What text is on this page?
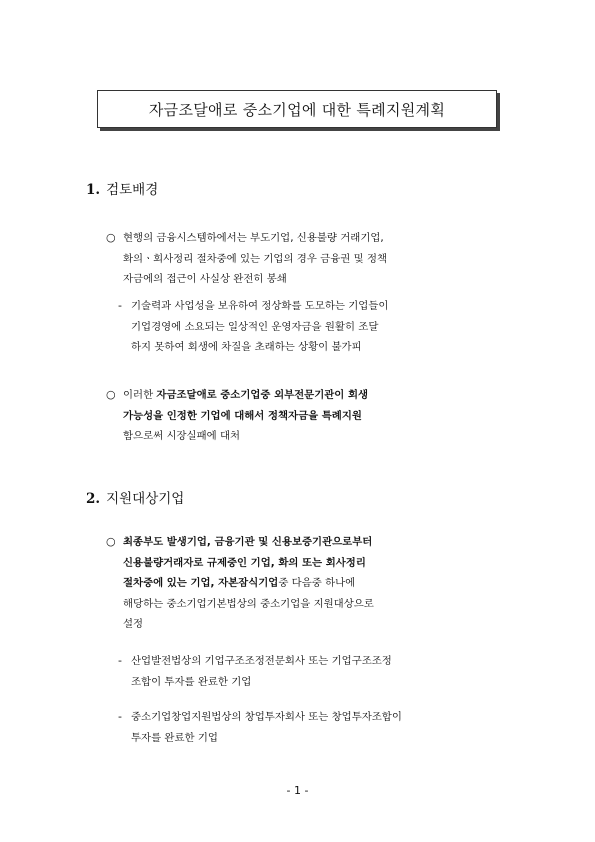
자금조달애로 중소기업에 대한 특례지원계획
1. 검토배경
○ 현행의 금융시스템하에서는 부도기업, 신용불량 거래기업,
화의ㆍ회사정리 절차중에 있는 기업의 경우 금융권 및 정책
자금에의 접근이 사실상 완전히 봉쇄
- 기술력과 사업성을 보유하여 정상화를 도모하는 기업들이
기업경영에 소요되는 일상적인 운영자금을 원활히 조달
하지 못하여 회생에 차질을 초래하는 상황이 불가피
○ 이러한 자금조달애로 중소기업중 외부전문기관이 회생
가능성을 인정한 기업에 대해서 정책자금을 특례지원
함으로써 시장실패에 대처
2. 지원대상기업
○ 최종부도 발생기업, 금융기관 및 신용보증기관으로부터
신용불량거래자로 규제중인 기업, 화의 또는 회사정리
절차중에 있는 기업, 자본잠식기업중 다음중 하나에
해당하는 중소기업기본법상의 중소기업을 지원대상으로
설정
- 산업발전법상의 기업구조조정전문회사 또는 기업구조조정
조합이 투자를 완료한 기업
- 중소기업창업지원법상의 창업투자회사 또는 창업투자조합이
투자를 완료한 기업
- 1 -
